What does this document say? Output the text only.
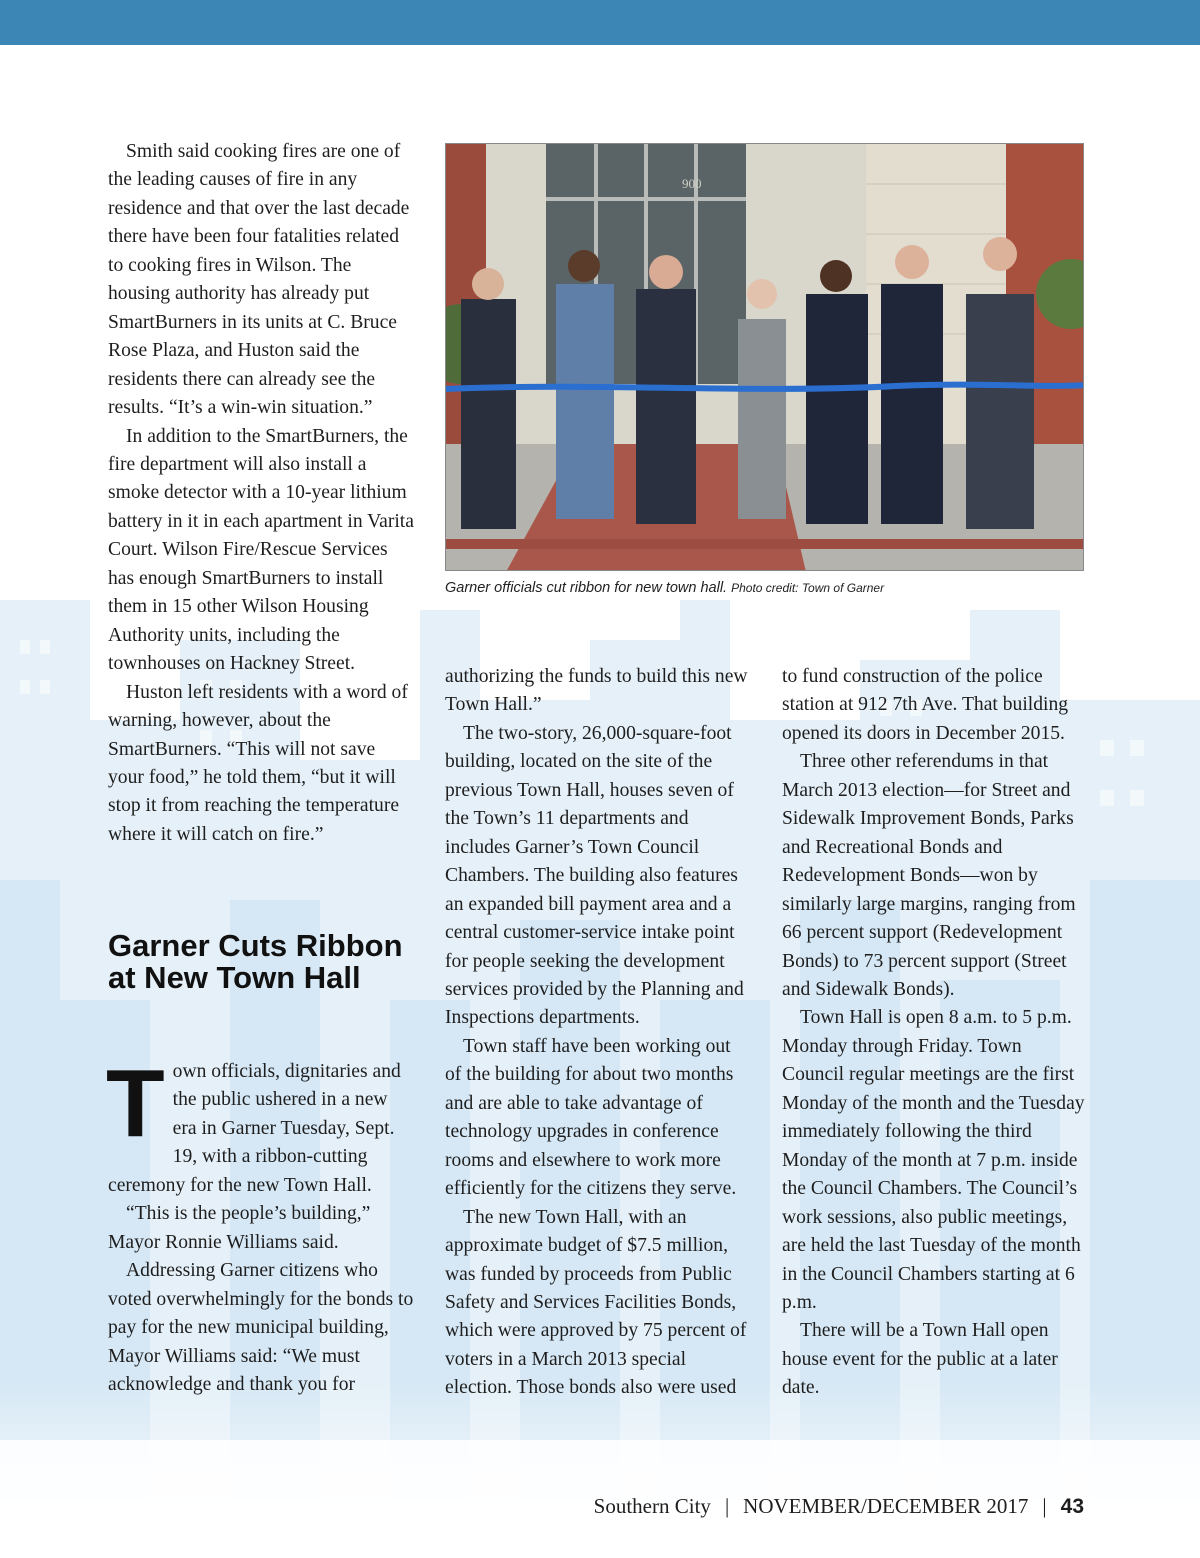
Smith said cooking fires are one of the leading causes of fire in any residence and that over the last decade there have been four fatalities related to cooking fires in Wilson. The housing authority has already put SmartBurners in its units at C. Bruce Rose Plaza, and Huston said the residents there can already see the results. “It’s a win-win situation.”

In addition to the SmartBurners, the fire department will also install a smoke detector with a 10-year lithium battery in it in each apartment in Varita Court. Wilson Fire/Rescue Services has enough SmartBurners to install them in 15 other Wilson Housing Authority units, including the townhouses on Hackney Street.

Huston left residents with a word of warning, however, about the SmartBurners. “This will not save your food,” he told them, “but it will stop it from reaching the temperature where it will catch on fire.”

Garner Cuts Ribbon at New Town Hall

Town officials, dignitaries and the public ushered in a new era in Garner Tuesday, Sept. 19, with a ribbon-cutting ceremony for the new Town Hall.

“This is the people’s building,” Mayor Ronnie Williams said.

Addressing Garner citizens who voted overwhelmingly for the bonds to pay for the new municipal building, Mayor Williams said: “We must acknowledge and thank you for

900
Garner officials cut ribbon for new town hall. Photo credit: Town of Garner

authorizing the funds to build this new Town Hall.”

The two-story, 26,000-square-foot building, located on the site of the previous Town Hall, houses seven of the Town’s 11 departments and includes Garner’s Town Council Chambers. The building also features an expanded bill payment area and a central customer-service intake point for people seeking the development services provided by the Planning and Inspections departments.

Town staff have been working out of the building for about two months and are able to take advantage of technology upgrades in conference rooms and elsewhere to work more efficiently for the citizens they serve.

The new Town Hall, with an approximate budget of $7.5 million, was funded by proceeds from Public Safety and Services Facilities Bonds, which were approved by 75 percent of voters in a March 2013 special election. Those bonds also were used

to fund construction of the police station at 912 7th Ave. That building opened its doors in December 2015.

Three other referendums in that March 2013 election—for Street and Sidewalk Improvement Bonds, Parks and Recreational Bonds and Redevelopment Bonds—won by similarly large margins, ranging from 66 percent support (Redevelopment Bonds) to 73 percent support (Street and Sidewalk Bonds).

Town Hall is open 8 a.m. to 5 p.m. Monday through Friday. Town Council regular meetings are the first Monday of the month and the Tuesday immediately following the third Monday of the month at 7 p.m. inside the Council Chambers. The Council’s work sessions, also public meetings, are held the last Tuesday of the month in the Council Chambers starting at 6 p.m.

There will be a Town Hall open house event for the public at a later date.

Southern City | NOVEMBER/DECEMBER 2017 | 43
